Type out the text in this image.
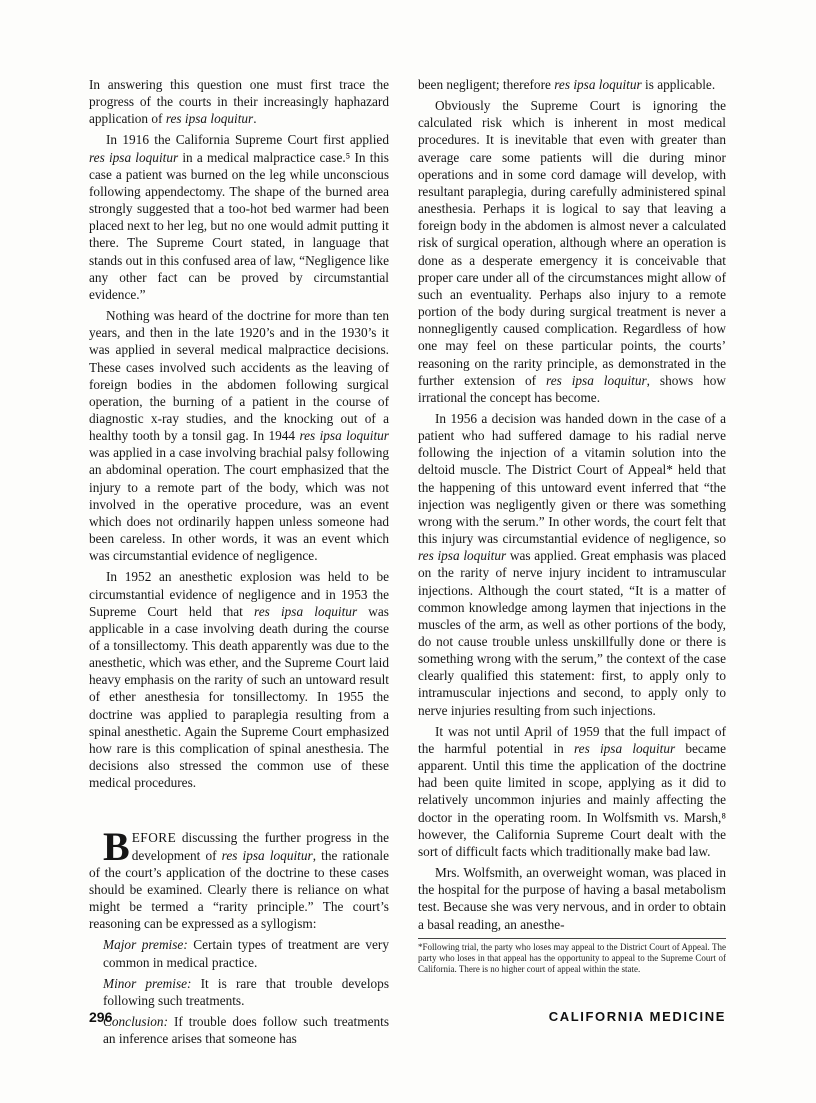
In answering this question one must first trace the progress of the courts in their increasingly haphazard application of res ipsa loquitur.

In 1916 the California Supreme Court first applied res ipsa loquitur in a medical malpractice case.⁵ In this case a patient was burned on the leg while unconscious following appendectomy. The shape of the burned area strongly suggested that a too-hot bed warmer had been placed next to her leg, but no one would admit putting it there. The Supreme Court stated, in language that stands out in this confused area of law, “Negligence like any other fact can be proved by circumstantial evidence.”

Nothing was heard of the doctrine for more than ten years, and then in the late 1920’s and in the 1930’s it was applied in several medical malpractice decisions. These cases involved such accidents as the leaving of foreign bodies in the abdomen following surgical operation, the burning of a patient in the course of diagnostic x-ray studies, and the knocking out of a healthy tooth by a tonsil gag. In 1944 res ipsa loquitur was applied in a case involving brachial palsy following an abdominal operation. The court emphasized that the injury to a remote part of the body, which was not involved in the operative procedure, was an event which does not ordinarily happen unless someone had been careless. In other words, it was an event which was circumstantial evidence of negligence.

In 1952 an anesthetic explosion was held to be circumstantial evidence of negligence and in 1953 the Supreme Court held that res ipsa loquitur was applicable in a case involving death during the course of a tonsillectomy. This death apparently was due to the anesthetic, which was ether, and the Supreme Court laid heavy emphasis on the rarity of such an untoward result of ether anesthesia for tonsillectomy. In 1955 the doctrine was applied to paraplegia resulting from a spinal anesthetic. Again the Supreme Court emphasized how rare is this complication of spinal anesthesia. The decisions also stressed the common use of these medical procedures.

BEFORE discussing the further progress in the development of res ipsa loquitur, the rationale of the court’s application of the doctrine to these cases should be examined. Clearly there is reliance on what might be termed a “rarity principle.” The court’s reasoning can be expressed as a syllogism:

Major premise: Certain types of treatment are very common in medical practice.

Minor premise: It is rare that trouble develops following such treatments.

Conclusion: If trouble does follow such treatments an inference arises that someone has

been negligent; therefore res ipsa loquitur is applicable.

Obviously the Supreme Court is ignoring the calculated risk which is inherent in most medical procedures. It is inevitable that even with greater than average care some patients will die during minor operations and in some cord damage will develop, with resultant paraplegia, during carefully administered spinal anesthesia. Perhaps it is logical to say that leaving a foreign body in the abdomen is almost never a calculated risk of surgical operation, although where an operation is done as a desperate emergency it is conceivable that proper care under all of the circumstances might allow of such an eventuality. Perhaps also injury to a remote portion of the body during surgical treatment is never a nonnegligently caused complication. Regardless of how one may feel on these particular points, the courts’ reasoning on the rarity principle, as demonstrated in the further extension of res ipsa loquitur, shows how irrational the concept has become.

In 1956 a decision was handed down in the case of a patient who had suffered damage to his radial nerve following the injection of a vitamin solution into the deltoid muscle. The District Court of Appeal* held that the happening of this untoward event inferred that “the injection was negligently given or there was something wrong with the serum.” In other words, the court felt that this injury was circumstantial evidence of negligence, so res ipsa loquitur was applied. Great emphasis was placed on the rarity of nerve injury incident to intramuscular injections. Although the court stated, “It is a matter of common knowledge among laymen that injections in the muscles of the arm, as well as other portions of the body, do not cause trouble unless unskillfully done or there is something wrong with the serum,” the context of the case clearly qualified this statement: first, to apply only to intramuscular injections and second, to apply only to nerve injuries resulting from such injections.

It was not until April of 1959 that the full impact of the harmful potential in res ipsa loquitur became apparent. Until this time the application of the doctrine had been quite limited in scope, applying as it did to relatively uncommon injuries and mainly affecting the doctor in the operating room. In Wolfsmith vs. Marsh,⁸ however, the California Supreme Court dealt with the sort of difficult facts which traditionally make bad law.

Mrs. Wolfsmith, an overweight woman, was placed in the hospital for the purpose of having a basal metabolism test. Because she was very nervous, and in order to obtain a basal reading, an anesthe-

*Following trial, the party who loses may appeal to the District Court of Appeal. The party who loses in that appeal has the opportunity to appeal to the Supreme Court of California. There is no higher court of appeal within the state.
296	CALIFORNIA MEDICINE
